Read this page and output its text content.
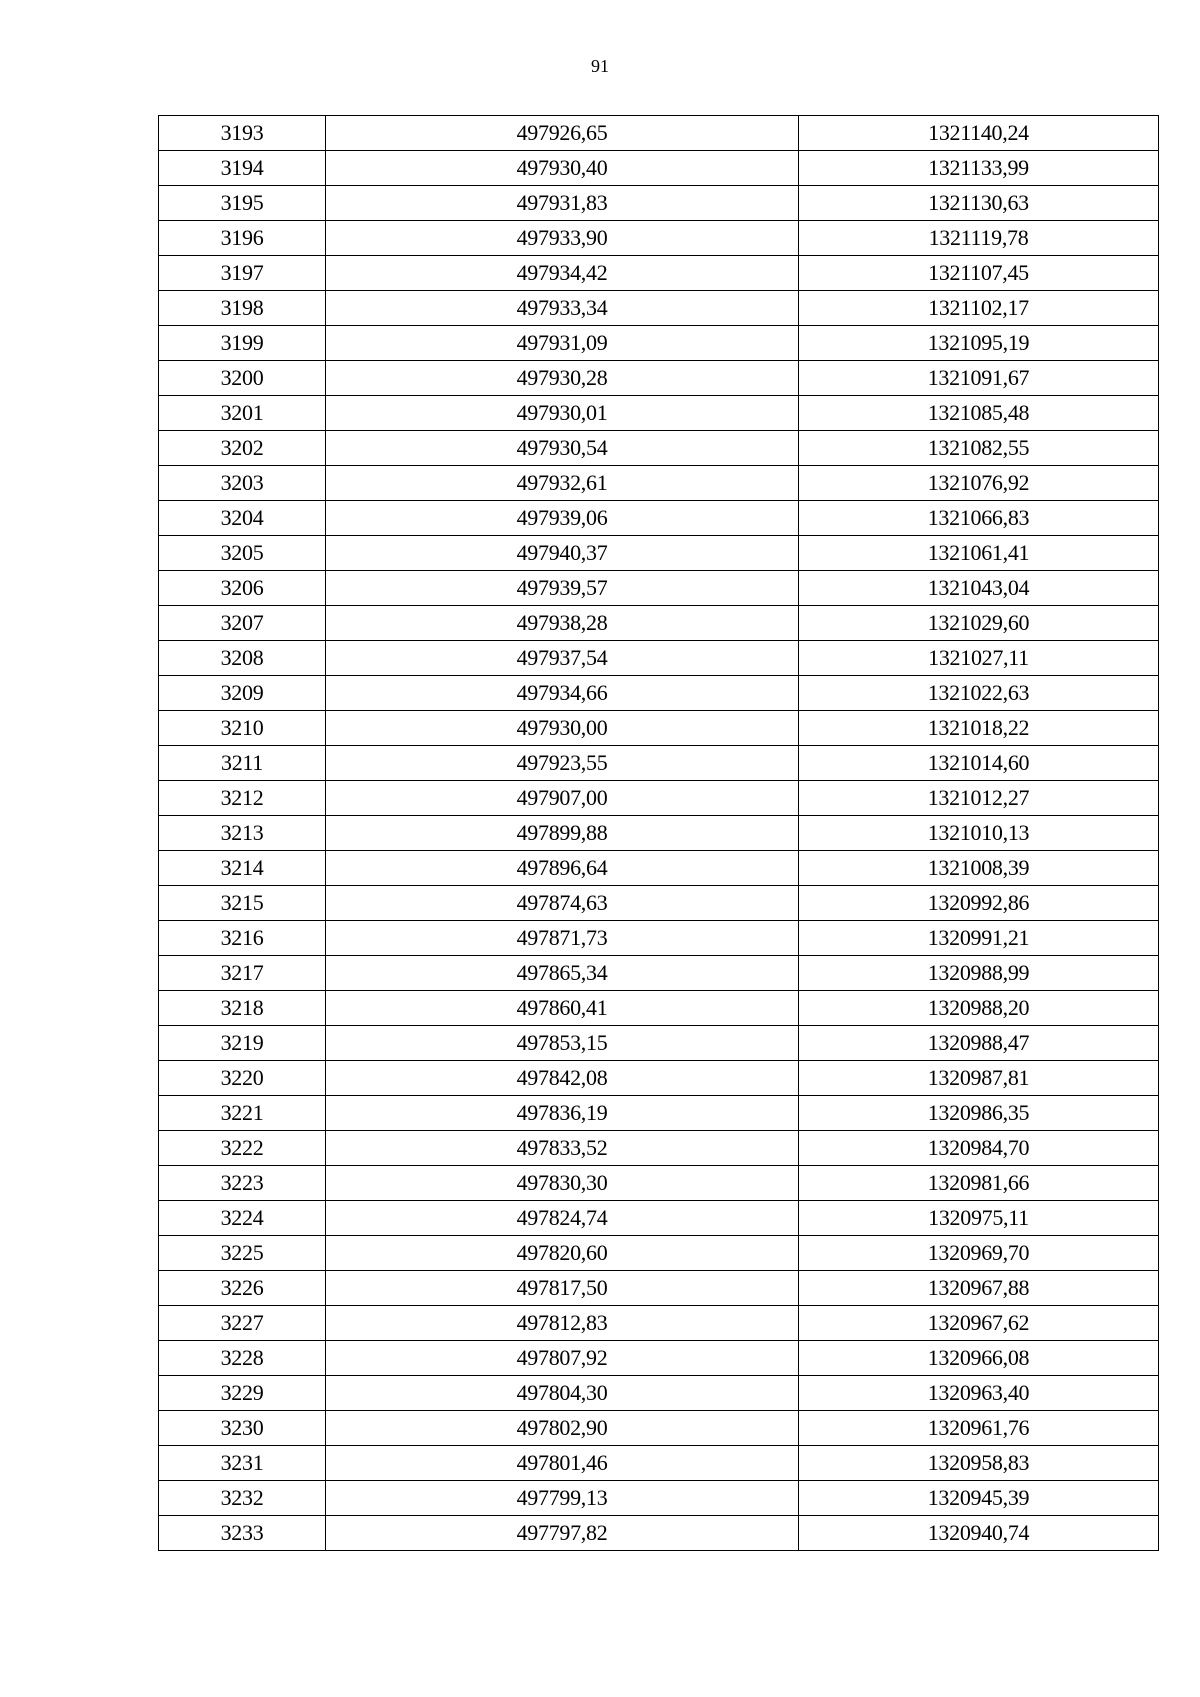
91
3193	497926,65	1321140,24
3194	497930,40	1321133,99
3195	497931,83	1321130,63
3196	497933,90	1321119,78
3197	497934,42	1321107,45
3198	497933,34	1321102,17
3199	497931,09	1321095,19
3200	497930,28	1321091,67
3201	497930,01	1321085,48
3202	497930,54	1321082,55
3203	497932,61	1321076,92
3204	497939,06	1321066,83
3205	497940,37	1321061,41
3206	497939,57	1321043,04
3207	497938,28	1321029,60
3208	497937,54	1321027,11
3209	497934,66	1321022,63
3210	497930,00	1321018,22
3211	497923,55	1321014,60
3212	497907,00	1321012,27
3213	497899,88	1321010,13
3214	497896,64	1321008,39
3215	497874,63	1320992,86
3216	497871,73	1320991,21
3217	497865,34	1320988,99
3218	497860,41	1320988,20
3219	497853,15	1320988,47
3220	497842,08	1320987,81
3221	497836,19	1320986,35
3222	497833,52	1320984,70
3223	497830,30	1320981,66
3224	497824,74	1320975,11
3225	497820,60	1320969,70
3226	497817,50	1320967,88
3227	497812,83	1320967,62
3228	497807,92	1320966,08
3229	497804,30	1320963,40
3230	497802,90	1320961,76
3231	497801,46	1320958,83
3232	497799,13	1320945,39
3233	497797,82	1320940,74
